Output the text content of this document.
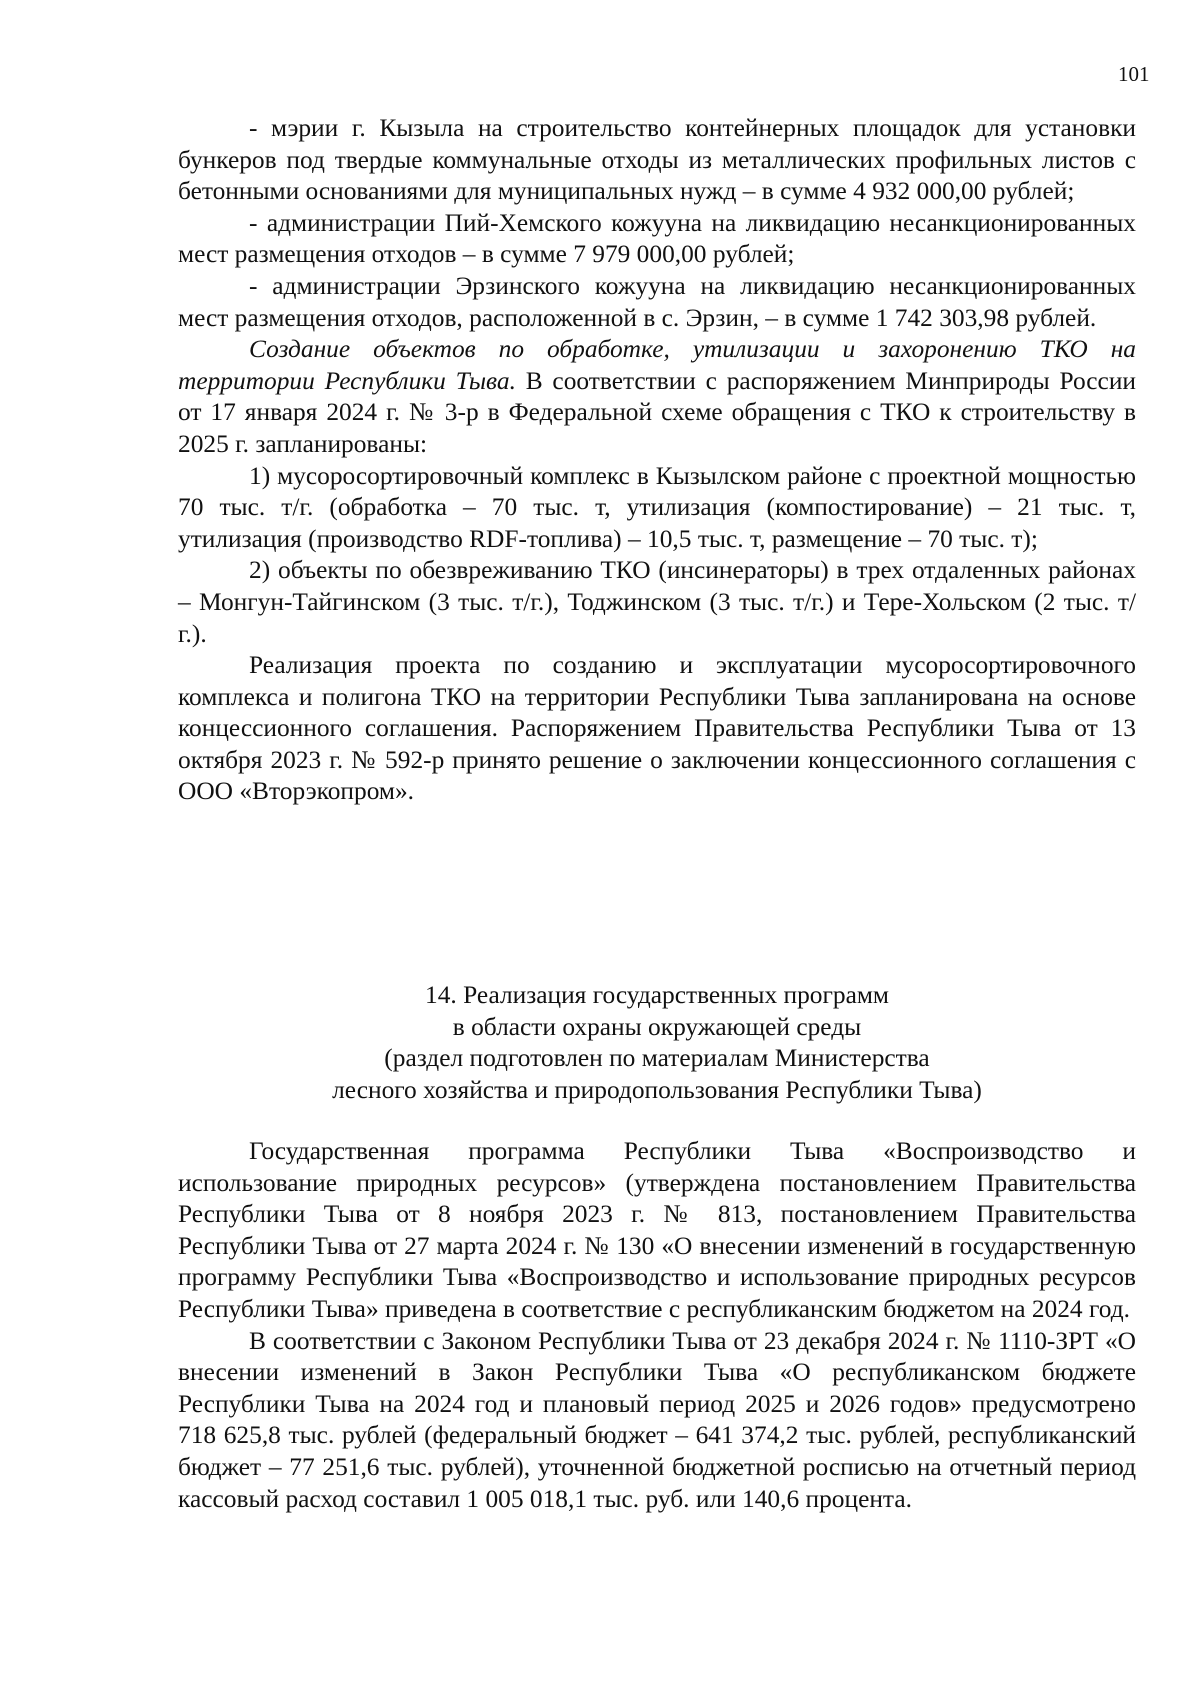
101

- мэрии г. Кызыла на строительство контейнерных площадок для установки бункеров под твердые коммунальные отходы из металлических профильных листов с бетонными основаниями для муниципальных нужд – в сумме 4 932 000,00 рублей;

- администрации Пий-Хемского кожууна на ликвидацию несанкционированных мест размещения отходов – в сумме 7 979 000,00 рублей;

- администрации Эрзинского кожууна на ликвидацию несанкционированных мест размещения отходов, расположенной в с. Эрзин, – в сумме 1 742 303,98 рублей.

Создание объектов по обработке, утилизации и захоронению ТКО на территории Республики Тыва. В соответствии с распоряжением Минприроды России от 17 января 2024 г. № 3-р в Федеральной схеме обращения с ТКО к строительству в 2025 г. запланированы:

1) мусоросортировочный комплекс в Кызылском районе с проектной мощностью 70 тыс. т/г. (обработка – 70 тыс. т, утилизация (компостирование) – 21 тыс. т, утилизация (производство RDF-топлива) – 10,5 тыс. т, размещение – 70 тыс. т);

2) объекты по обезвреживанию ТКО (инсинераторы) в трех отдаленных районах – Монгун-Тайгинском (3 тыс. т/г.), Тоджинском (3 тыс. т/г.) и Тере-Хольском (2 тыс. т/г.).

Реализация проекта по созданию и эксплуатации мусоросортировочного комплекса и полигона ТКО на территории Республики Тыва запланирована на основе концессионного соглашения. Распоряжением Правительства Республики Тыва от 13 октября 2023 г. № 592-р принято решение о заключении концессионного соглашения с ООО «Вторэкопром».

14. Реализация государственных программ
в области охраны окружающей среды
(раздел подготовлен по материалам Министерства
лесного хозяйства и природопользования Республики Тыва)

Государственная программа Республики Тыва «Воспроизводство и использование природных ресурсов» (утверждена постановлением Правительства Республики Тыва от 8 ноября 2023 г. № 813, постановлением Правительства Республики Тыва от 27 марта 2024 г. № 130 «О внесении изменений в государственную программу Республики Тыва «Воспроизводство и использование природных ресурсов Республики Тыва» приведена в соответствие с республиканским бюджетом на 2024 год.

В соответствии с Законом Республики Тыва от 23 декабря 2024 г. № 1110-ЗРТ «О внесении изменений в Закон Республики Тыва «О республиканском бюджете Республики Тыва на 2024 год и плановый период 2025 и 2026 годов» предусмотрено 718 625,8 тыс. рублей (федеральный бюджет – 641 374,2 тыс. рублей, республиканский бюджет – 77 251,6 тыс. рублей), уточненной бюджетной росписью на отчетный период кассовый расход составил 1 005 018,1 тыс. руб. или 140,6 процента.
